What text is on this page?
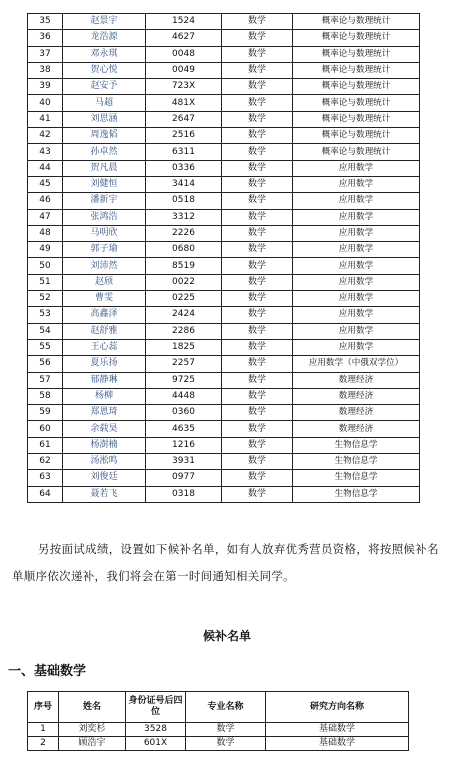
35	赵景宇	1524	数学	概率论与数理统计
36	龙浩源	4627	数学	概率论与数理统计
37	邓永琪	0048	数学	概率论与数理统计
38	贺心悦	0049	数学	概率论与数理统计
39	赵安予	723X	数学	概率论与数理统计
40	马超	481X	数学	概率论与数理统计
41	刘思涵	2647	数学	概率论与数理统计
42	周逸韬	2516	数学	概率论与数理统计
43	孙卓然	6311	数学	概率论与数理统计
44	贺凡晨	0336	数学	应用数学
45	刘健恒	3414	数学	应用数学
46	潘新宇	0518	数学	应用数学
47	张鸿浩	3312	数学	应用数学
48	马明欣	2226	数学	应用数学
49	郭子瑜	0680	数学	应用数学
50	刘沛然	8519	数学	应用数学
51	赵颀	0022	数学	应用数学
52	曹雯	0225	数学	应用数学
53	高鑫泽	2424	数学	应用数学
54	赵舒雅	2286	数学	应用数学
55	王心蕊	1825	数学	应用数学
56	夏乐扬	2257	数学	应用数学（中俄双学位）
57	郁静琳	9725	数学	数理经济
58	杨柳	4448	数学	数理经济
59	郑恩琦	0360	数学	数理经济
60	余载昊	4635	数学	数理经济
61	杨澍楠	1216	数学	生物信息学
62	汤淞鸣	3931	数学	生物信息学
63	刘俊廷	0977	数学	生物信息学
64	聂若飞	0318	数学	生物信息学

另按面试成绩，设置如下候补名单，如有人放弃优秀营员资格，将按照候补名单顺序依次递补，我们将会在第一时间通知相关同学。

候补名单

一、基础数学

序号	姓名	身份证号后四位	专业名称	研究方向名称
1	刘奕杉	3528	数学	基础数学
2	顾浩宇	601X	数学	基础数学
